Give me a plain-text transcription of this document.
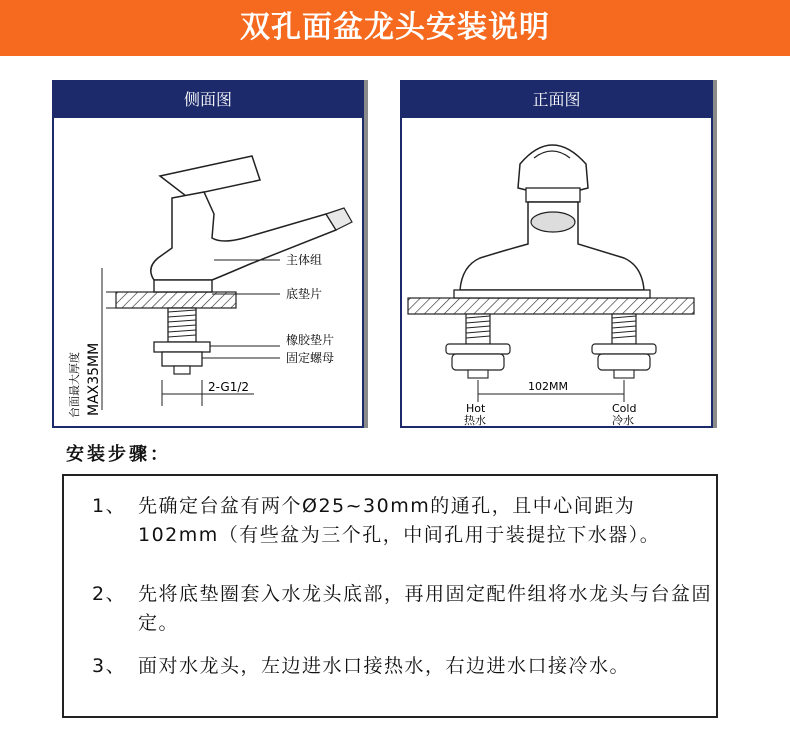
双孔面盆龙头安装说明
侧面图
主体组
底垫片
橡胶垫片
固定螺母
2-G1/2
台面最大厚度 MAX35MM
正面图
102MM
Hot
热水
Cold
冷水
安装步骤：
1、 先确定台盆有两个Ø25~30mm的通孔，且中心间距为102mm（有些盆为三个孔，中间孔用于装提拉下水器）。
2、 先将底垫圈套入水龙头底部，再用固定配件组将水龙头与台盆固定。
3、 面对水龙头，左边进水口接热水，右边进水口接冷水。
